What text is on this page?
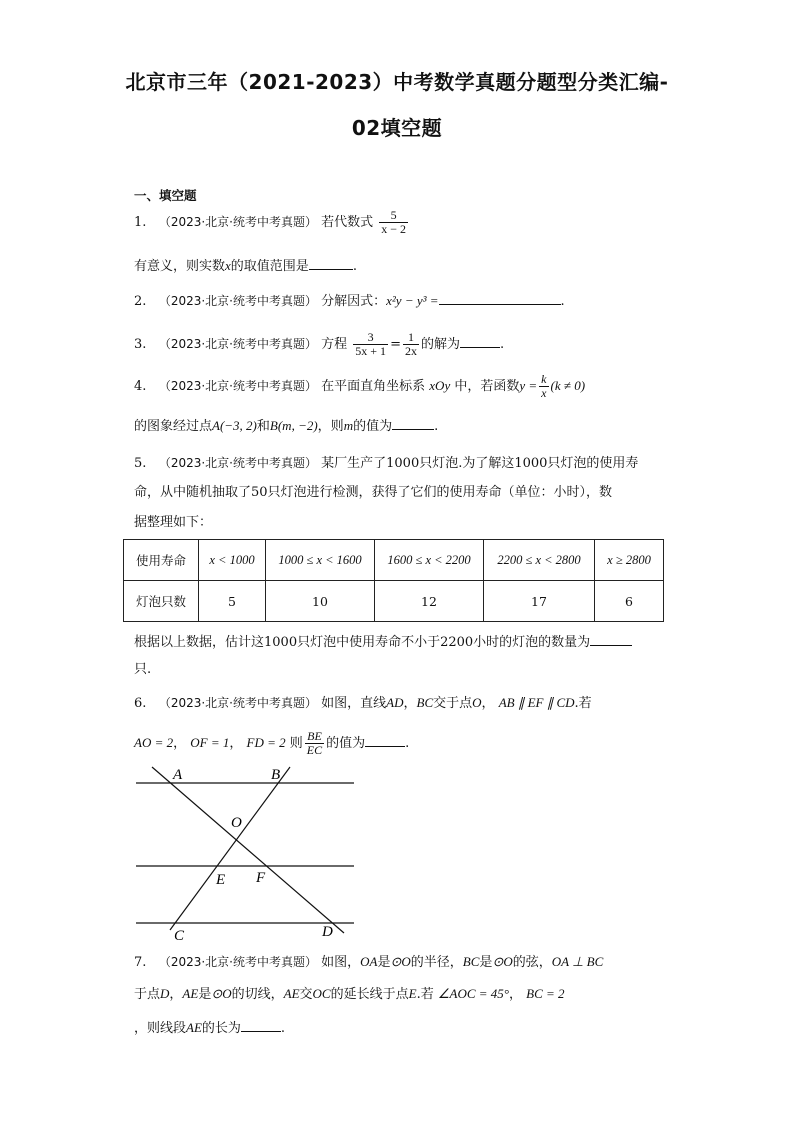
北京市三年（2021-2023）中考数学真题分题型分类汇编-
02填空题
一、填空题
1. （2023·北京·统考中考真题） 若代数式 $\frac{5}{x - 2}$
有意义，则实数x的取值范围是	.
2. （2023·北京·统考中考真题） 分解因式：x²y − y³ =	.
3. （2023·北京·统考中考真题） 方程 $\frac{3}{5x + 1} = \frac{1}{2x}$ 的解为	.
4. （2023·北京·统考中考真题） 在平面直角坐标系 xOy 中，若函数$y = \frac{k}{x} (k \ne 0)$
的图象经过点A(−3, 2)和B(m, −2)，则m的值为	.
5. （2023·北京·统考中考真题） 某厂生产了1000只灯泡.为了解这1000只灯泡的使用寿
命，从中随机抽取了50只灯泡进行检测，获得了它们的使用寿命（单位：小时），数
据整理如下：
使用寿命	x < 1000	1000 ≤ x < 1600	1600 ≤ x < 2200	2200 ≤ x < 2800	x ≥ 2800
灯泡只数	5	10	12	17	6
根据以上数据，估计这1000只灯泡中使用寿命不小于2200小时的灯泡的数量为
只.
6. （2023·北京·统考中考真题） 如图，直线AD，BC交于点O， AB ∥ EF ∥ CD.若
AO = 2， OF = 1， FD = 2 则 $\frac{BE}{EC}$ 的值为	.
A	B
O
E F
C	D
7. （2023·北京·统考中考真题） 如图，OA是⊙O的半径，BC是⊙O的弦，OA ⊥ BC
于点D，AE是⊙O的切线，AE交OC的延长线于点E.若 ∠AOC = 45°， BC = 2
，则线段AE的长为	.
